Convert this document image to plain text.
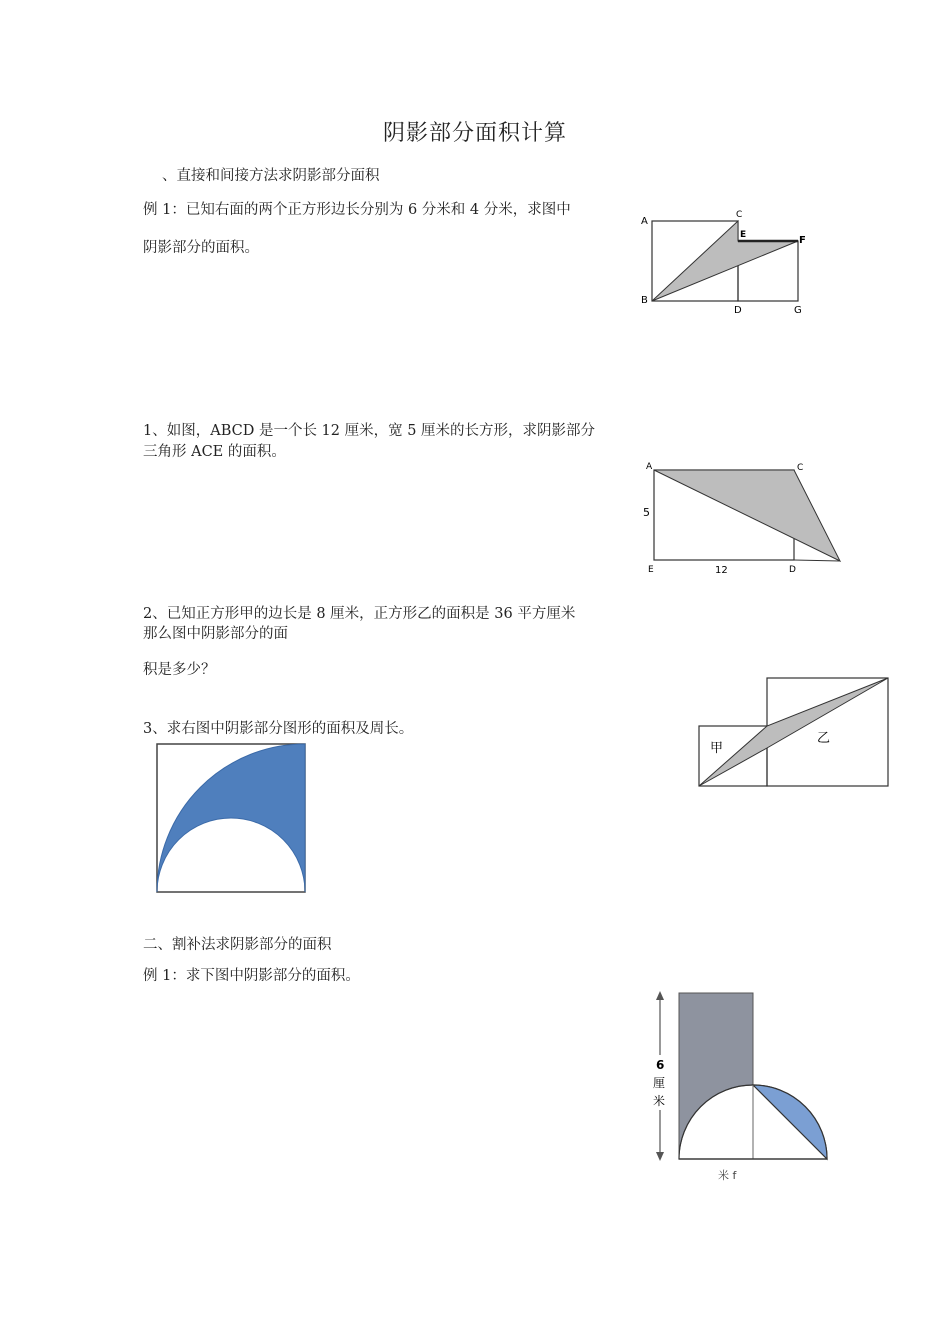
阴影部分面积计算
、直接和间接方法求阴影部分面积
例 1：已知右面的两个正方形边长分别为 6 分米和 4 分米，求图中
阴影部分的面积。
1、如图，ABCD 是一个长 12 厘米，宽 5 厘米的长方形，求阴影部分
三角形 ACE 的面积。
2、已知正方形甲的边长是 8 厘米，正方形乙的面积是 36 平方厘米
那么图中阴影部分的面
积是多少？
3、求右图中阴影部分图形的面积及周长。
二、割补法求阴影部分的面积
例 1：求下图中阴影部分的面积。
A
C
E	F
B
D	G
A	C
5
E	12	D
甲
乙
6
厘
米
米 f
